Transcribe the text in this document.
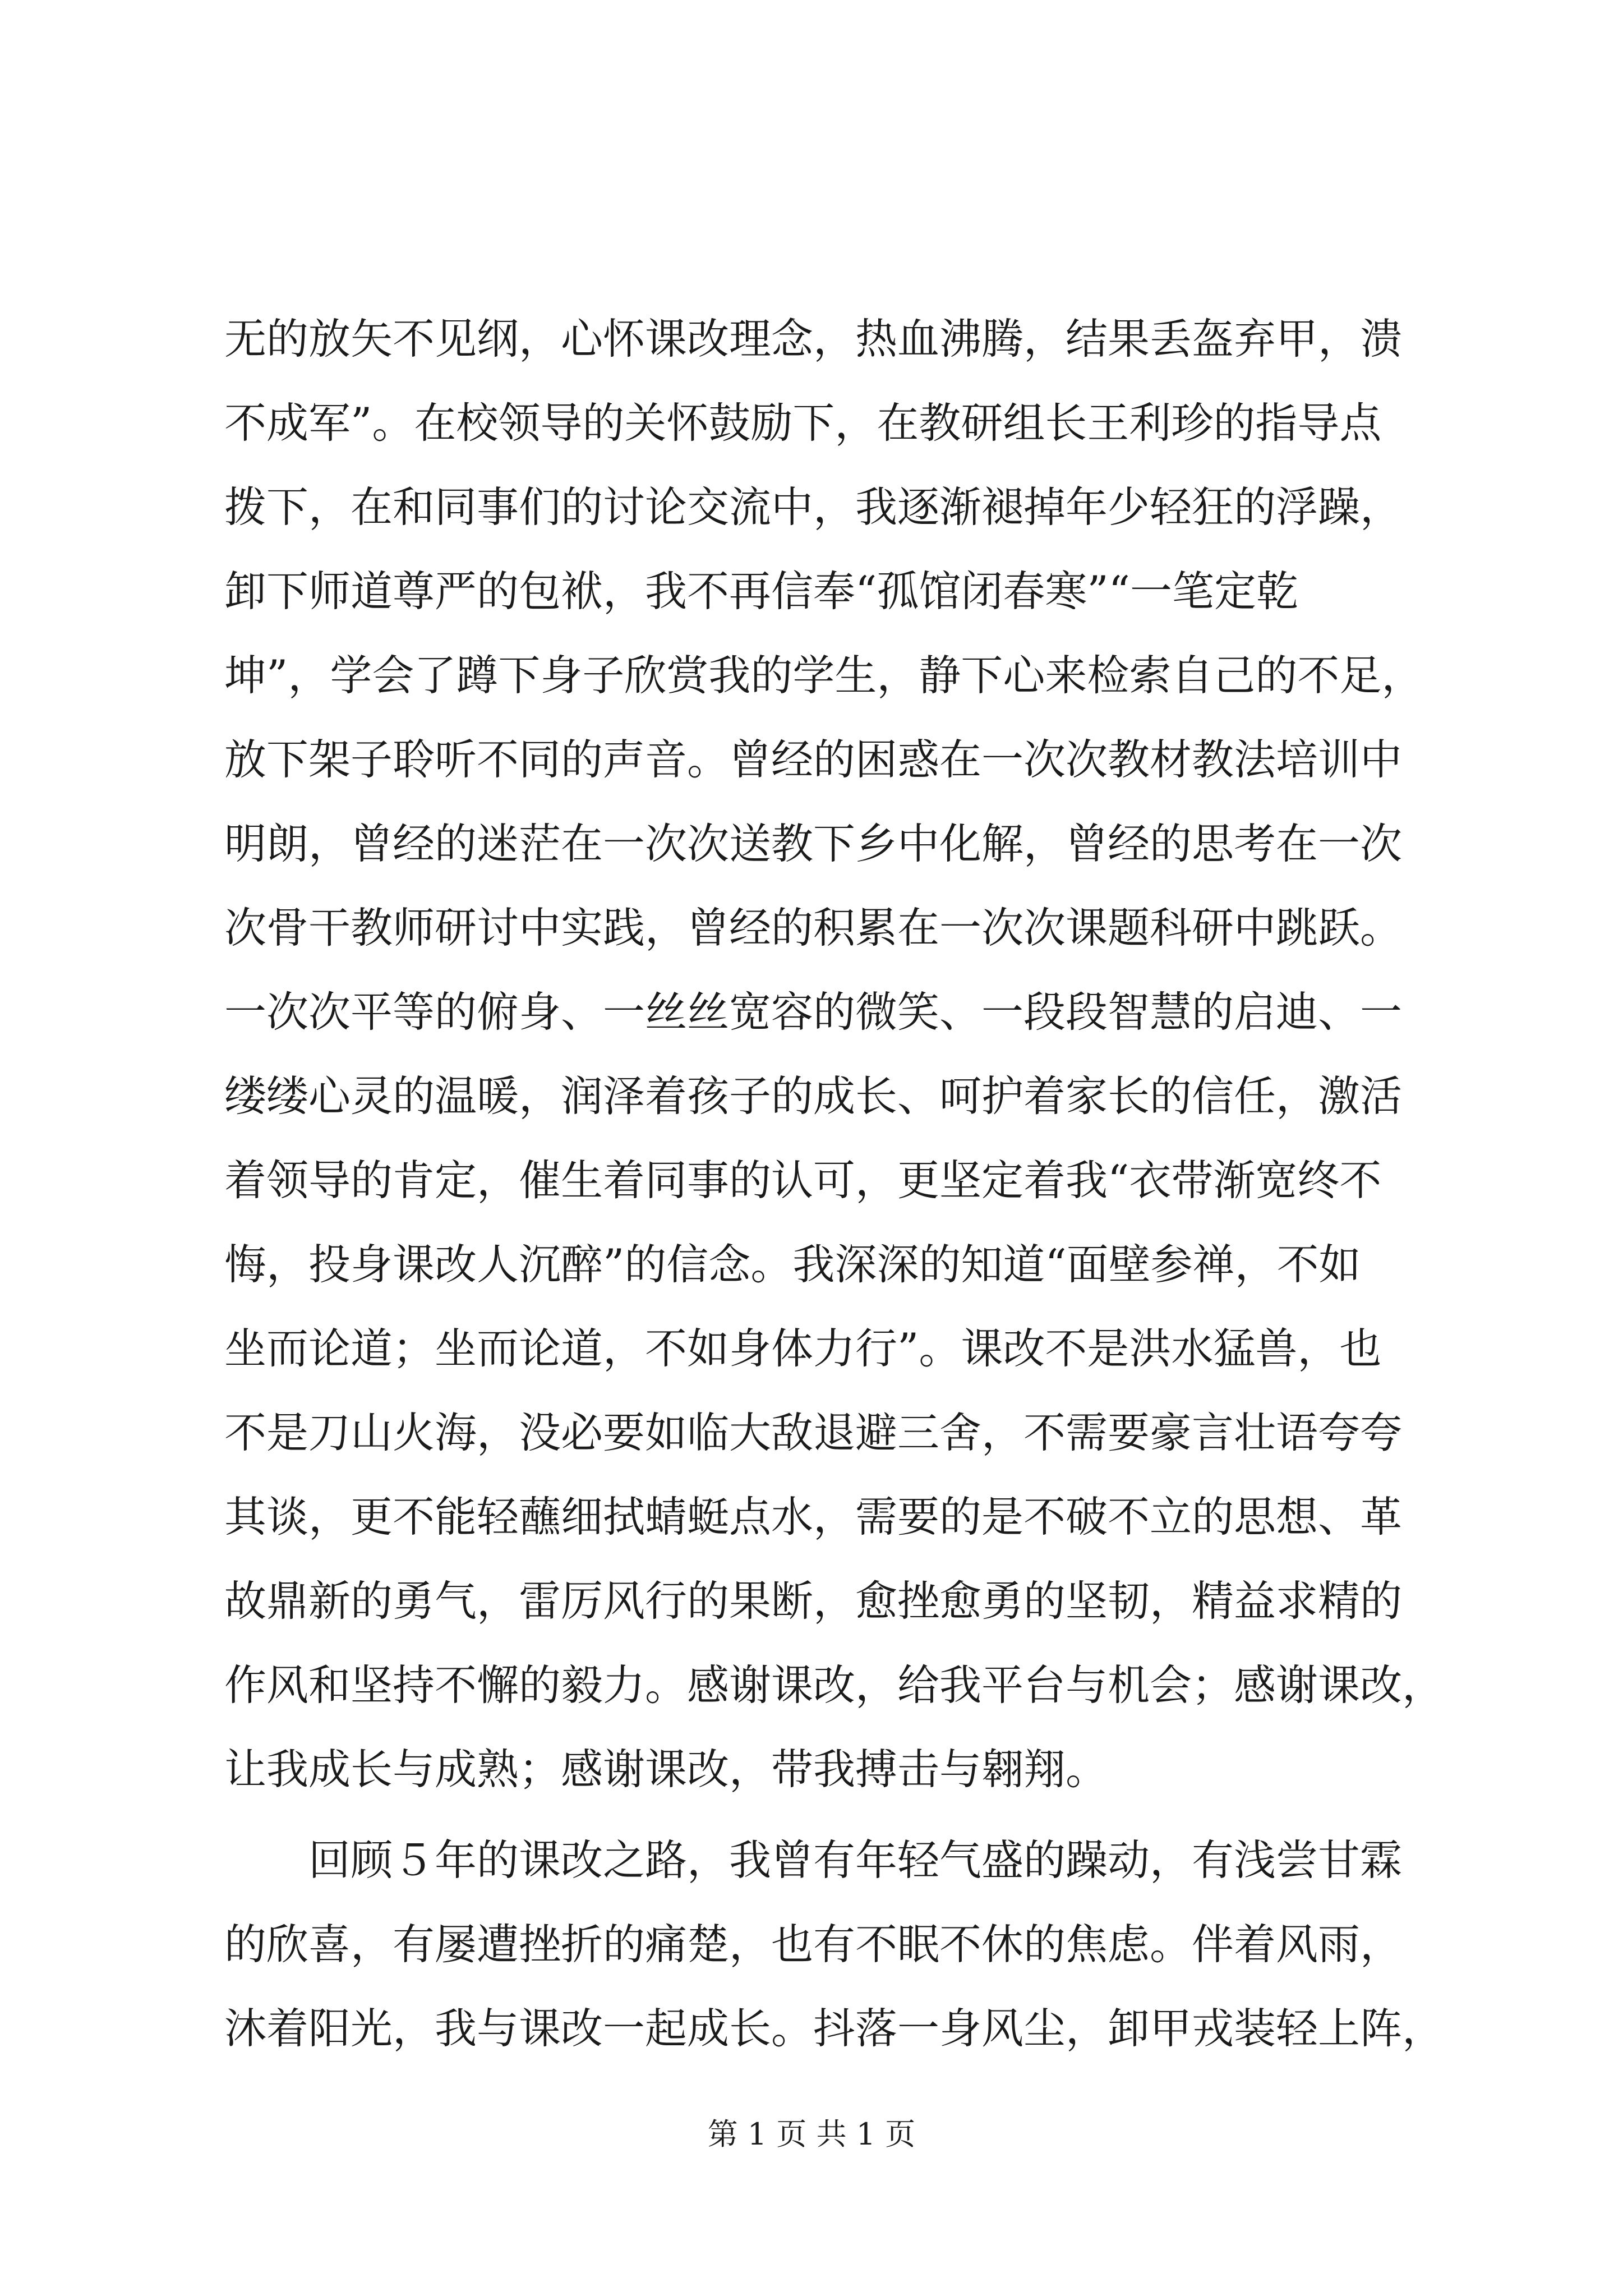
无的放矢不见纲，心怀课改理念，热血沸腾，结果丢盔弃甲，溃
不成军”。在校领导的关怀鼓励下，在教研组长王利珍的指导点
拨下，在和同事们的讨论交流中，我逐渐褪掉年少轻狂的浮躁，
卸下师道尊严的包袱，我不再信奉“孤馆闭春寒”“一笔定乾
坤”，学会了蹲下身子欣赏我的学生，静下心来检索自己的不足，
放下架子聆听不同的声音。曾经的困惑在一次次教材教法培训中
明朗，曾经的迷茫在一次次送教下乡中化解，曾经的思考在一次
次骨干教师研讨中实践，曾经的积累在一次次课题科研中跳跃。
一次次平等的俯身、一丝丝宽容的微笑、一段段智慧的启迪、一
缕缕心灵的温暖，润泽着孩子的成长、呵护着家长的信任，激活
着领导的肯定，催生着同事的认可，更坚定着我“衣带渐宽终不
悔，投身课改人沉醉”的信念。我深深的知道“面壁参禅，不如
坐而论道；坐而论道，不如身体力行”。课改不是洪水猛兽，也
不是刀山火海，没必要如临大敌退避三舍，不需要豪言壮语夸夸
其谈，更不能轻蘸细拭蜻蜓点水，需要的是不破不立的思想、革
故鼎新的勇气，雷厉风行的果断，愈挫愈勇的坚韧，精益求精的
作风和坚持不懈的毅力。感谢课改，给我平台与机会；感谢课改，
让我成长与成熟；感谢课改，带我搏击与翱翔。
回顾５年的课改之路，我曾有年轻气盛的躁动，有浅尝甘霖
的欣喜，有屡遭挫折的痛楚，也有不眠不休的焦虑。伴着风雨，
沐着阳光，我与课改一起成长。抖落一身风尘，卸甲戎装轻上阵，
第 1 页 共 1 页
